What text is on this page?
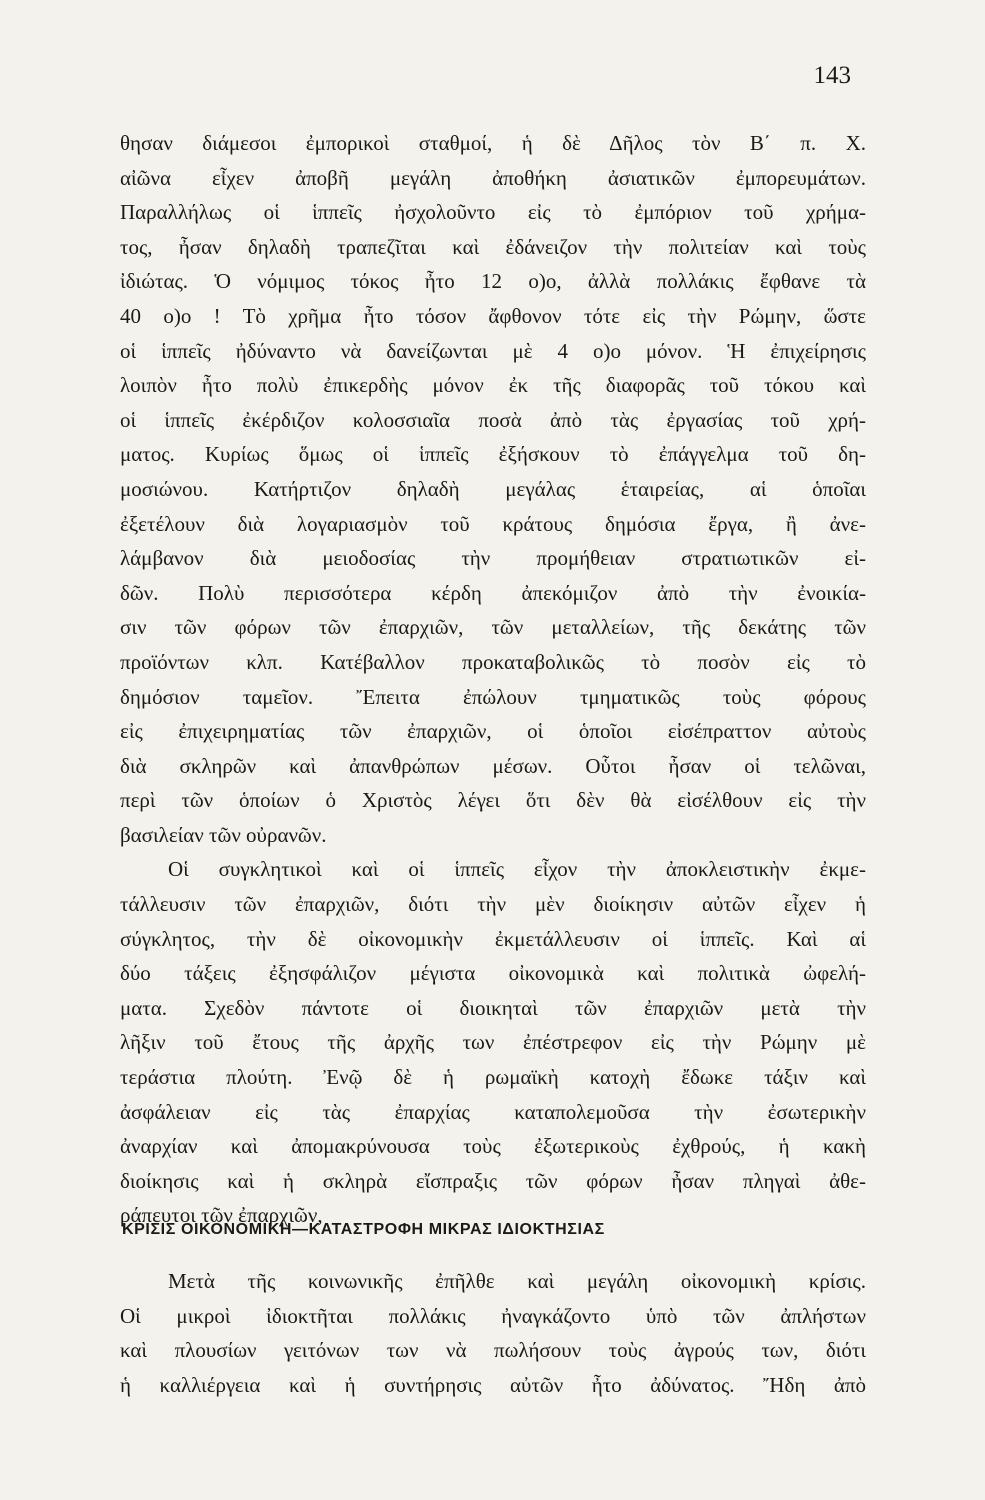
143
θησαν διάμεσοι ἐμπορικοὶ σταθμοί, ἡ δὲ Δῆλος τὸν Β΄ π. Χ.
αἰῶνα εἶχεν ἀποβῆ μεγάλη ἀποθήκη ἀσιατικῶν ἐμπορευμάτων.
Παραλλήλως οἱ ἱππεῖς ἠσχολοῦντο εἰς τὸ ἐμπόριον τοῦ χρήμα-
τος, ἦσαν δηλαδὴ τραπεζῖται καὶ ἐδάνειζον τὴν πολιτείαν καὶ τοὺς
ἰδιώτας. Ὁ νόμιμος τόκος ἦτο 12 ο)ο, ἀλλὰ πολλάκις ἔφθανε τὰ
40 ο)ο ! Τὸ χρῆμα ἦτο τόσον ἄφθονον τότε εἰς τὴν Ρώμην, ὥστε
οἱ ἱππεῖς ἠδύναντο νὰ δανείζωνται μὲ 4 ο)ο μόνον. Ἡ ἐπιχείρησις
λοιπὸν ἦτο πολὺ ἐπικερδὴς μόνον ἐκ τῆς διαφορᾶς τοῦ τόκου καὶ
οἱ ἱππεῖς ἐκέρδιζον κολοσσιαῖα ποσὰ ἀπὸ τὰς ἐργασίας τοῦ χρή-
ματος. Κυρίως ὅμως οἱ ἱππεῖς ἐξήσκουν τὸ ἐπάγγελμα τοῦ δη-
μοσιώνου. Κατήρτιζον δηλαδὴ μεγάλας ἑταιρείας, αἱ ὁποῖαι
ἐξετέλουν διὰ λογαριασμὸν τοῦ κράτους δημόσια ἔργα, ἢ ἀνε-
λάμβανον διὰ μειοδοσίας τὴν προμήθειαν στρατιωτικῶν εἰ-
δῶν. Πολὺ περισσότερα κέρδη ἀπεκόμιζον ἀπὸ τὴν ἐνοικία-
σιν τῶν φόρων τῶν ἐπαρχιῶν, τῶν μεταλλείων, τῆς δεκάτης τῶν
προϊόντων κλπ. Κατέβαλλον προκαταβολικῶς τὸ ποσὸν εἰς τὸ
δημόσιον ταμεῖον. Ἔπειτα ἐπώλουν τμηματικῶς τοὺς φόρους
εἰς ἐπιχειρηματίας τῶν ἐπαρχιῶν, οἱ ὁποῖοι εἰσέπραττον αὐτοὺς
διὰ σκληρῶν καὶ ἀπανθρώπων μέσων. Οὗτοι ἦσαν οἱ τελῶναι,
περὶ τῶν ὁποίων ὁ Χριστὸς λέγει ὅτι δὲν θὰ εἰσέλθουν εἰς τὴν
βασιλείαν τῶν οὐρανῶν.
Οἱ συγκλητικοὶ καὶ οἱ ἱππεῖς εἶχον τὴν ἀποκλειστικὴν ἐκμε-
τάλλευσιν τῶν ἐπαρχιῶν, διότι τὴν μὲν διοίκησιν αὐτῶν εἶχεν ἡ
σύγκλητος, τὴν δὲ οἰκονομικὴν ἐκμετάλλευσιν οἱ ἱππεῖς. Καὶ αἱ
δύο τάξεις ἐξησφάλιζον μέγιστα οἰκονομικὰ καὶ πολιτικὰ ὠφελή-
ματα. Σχεδὸν πάντοτε οἱ διοικηταὶ τῶν ἐπαρχιῶν μετὰ τὴν
λῆξιν τοῦ ἔτους τῆς ἀρχῆς των ἐπέστρεφον εἰς τὴν Ρώμην μὲ
τεράστια πλούτη. Ἐνῷ δὲ ἡ ρωμαϊκὴ κατοχὴ ἔδωκε τάξιν καὶ
ἀσφάλειαν εἰς τὰς ἐπαρχίας καταπολεμοῦσα τὴν ἐσωτερικὴν
ἀναρχίαν καὶ ἀπομακρύνουσα τοὺς ἐξωτερικοὺς ἐχθρούς, ἡ κακὴ
διοίκησις καὶ ἡ σκληρὰ εἴσπραξις τῶν φόρων ἦσαν πληγαὶ ἀθε-
ράπευτοι τῶν ἐπαρχιῶν,
ΚΡΙΣΙΣ ΟΙΚΟΝΟΜΙΚΗ—ΚΑΤΑΣΤΡΟΦΗ ΜΙΚΡΑΣ ΙΔΙΟΚΤΗΣΙΑΣ
Μετὰ τῆς κοινωνικῆς ἐπῆλθε καὶ μεγάλη οἰκονομικὴ κρίσις.
Οἱ μικροὶ ἰδιοκτῆται πολλάκις ἠναγκάζοντο ὑπὸ τῶν ἀπλήστων
καὶ πλουσίων γειτόνων των νὰ πωλήσουν τοὺς ἀγρούς των, διότι
ἡ καλλιέργεια καὶ ἡ συντήρησις αὐτῶν ἦτο ἀδύνατος. Ἤδη ἀπὸ
